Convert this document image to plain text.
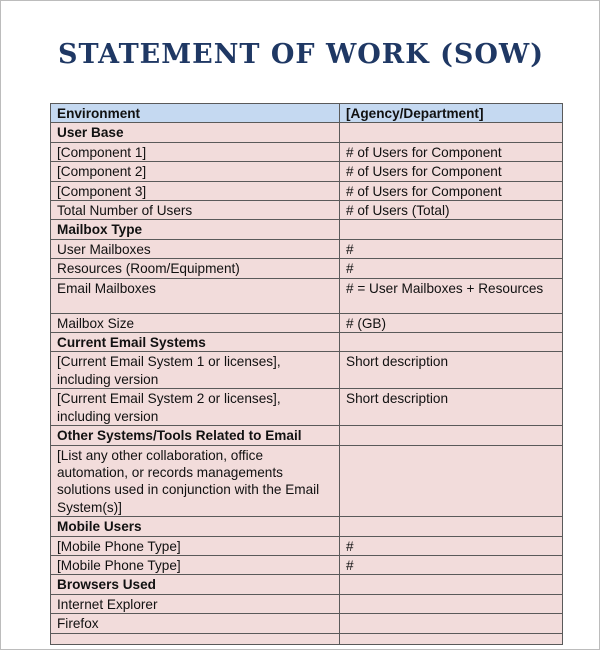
STATEMENT OF WORK (SOW)
Environment	[Agency/Department]
User Base	
[Component 1]	# of Users for Component
[Component 2]	# of Users for Component
[Component 3]	# of Users for Component
Total Number of Users	# of Users (Total)
Mailbox Type	
User Mailboxes	#
Resources (Room/Equipment)	#
Email Mailboxes	# = User Mailboxes + Resources
Mailbox Size	# (GB)
Current Email Systems	
[Current Email System 1 or licenses], including version	Short description
[Current Email System 2 or licenses], including version	Short description
Other Systems/Tools Related to Email	
[List any other collaboration, office automation, or records managements solutions used in conjunction with the Email System(s)]	
Mobile Users	
[Mobile Phone Type]	#
[Mobile Phone Type]	#
Browsers Used	
Internet Explorer	
Firefox	
